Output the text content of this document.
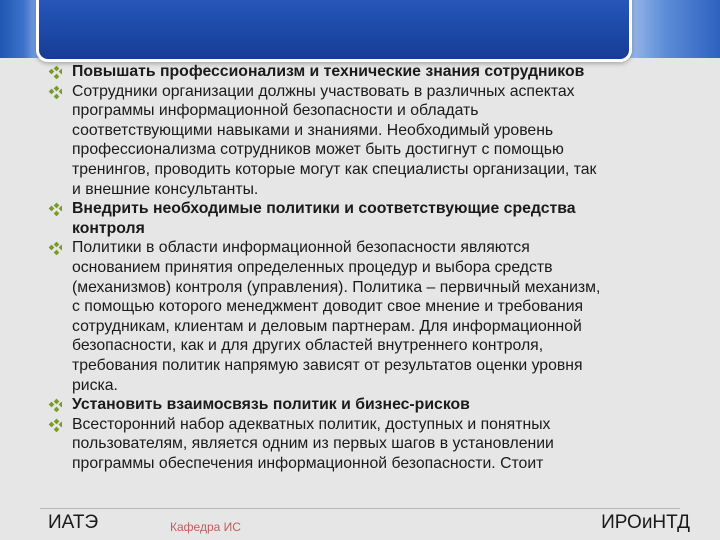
Повышать профессионализм и технические знания сотрудников
Сотрудники организации должны участвовать в различных аспектах
программы информационной безопасности и обладать
соответствующими навыками и знаниями. Необходимый уровень
профессионализма сотрудников может быть достигнут с помощью
тренингов, проводить которые могут как специалисты организации, так
и внешние консультанты.
Внедрить необходимые политики и соответствующие средства
контроля
Политики в области информационной безопасности являются
основанием принятия определенных процедур и выбора средств
(механизмов) контроля (управления). Политика – первичный механизм,
с помощью которого менеджмент доводит свое мнение и требования
сотрудникам, клиентам и деловым партнерам. Для информационной
безопасности, как и для других областей внутреннего контроля,
требования политик напрямую зависят от результатов оценки уровня
риска.
Установить взаимосвязь политик и бизнес-рисков
Всесторонний набор адекватных политик, доступных и понятных
пользователям, является одним из первых шагов в установлении
программы обеспечения информационной безопасности. Стоит
ИАТЭ	Кафедра ИС	ИРОиНТД
